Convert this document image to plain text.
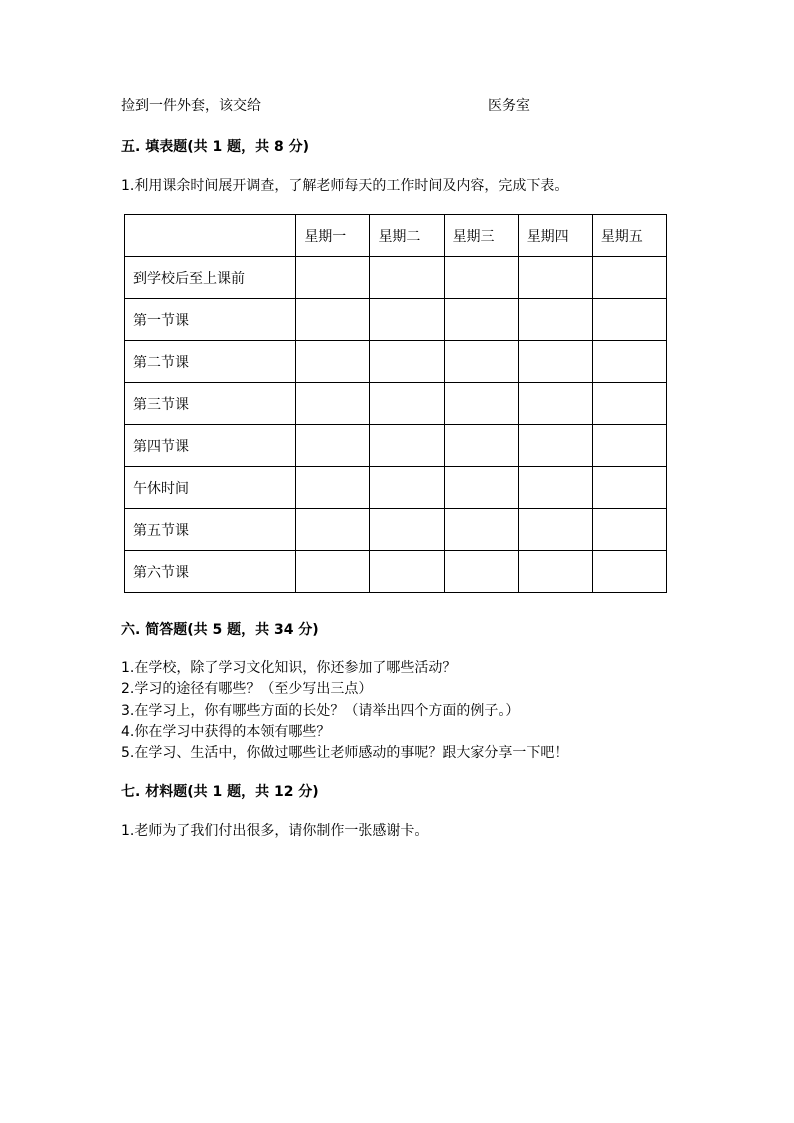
捡到一件外套，该交给	医务室
五. 填表题(共 1 题，共 8 分)
1.利用课余时间展开调查，了解老师每天的工作时间及内容，完成下表。
	星期一	星期二	星期三	星期四	星期五
到学校后至上课前					
第一节课					
第二节课					
第三节课					
第四节课					
午休时间					
第五节课					
第六节课					
六. 简答题(共 5 题，共 34 分)
1.在学校，除了学习文化知识，你还参加了哪些活动？
2.学习的途径有哪些？（至少写出三点）
3.在学习上，你有哪些方面的长处？（请举出四个方面的例子。）
4.你在学习中获得的本领有哪些？
5.在学习、生活中，你做过哪些让老师感动的事呢？跟大家分享一下吧！
七. 材料题(共 1 题，共 12 分)
1.老师为了我们付出很多，请你制作一张感谢卡。
